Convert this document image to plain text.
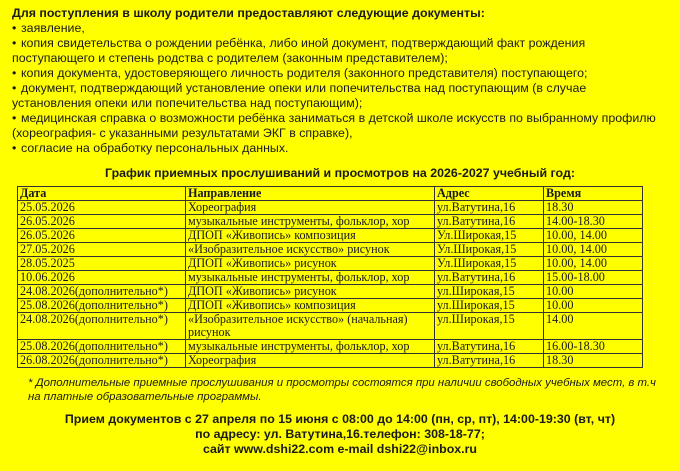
Для поступления в школу родители предоставляют следующие документы:

• заявление,
• копия свидетельства о рождении ребёнка, либо иной документ, подтверждающий факт рождения поступающего и степень родства с родителем (законным представителем);
• копия документа, удостоверяющего личность родителя (законного представителя) поступающего;
• документ, подтверждающий установление опеки или попечительства над поступающим (в случае установления опеки или попечительства над поступающим);
• медицинская справка о возможности ребёнка заниматься в детской школе искусств по выбранному профилю (хореография- с указанными результатами ЭКГ в справке),
• согласие на обработку персональных данных.
График приемных прослушиваний и просмотров на 2026-2027 учебный год:
Дата	Направление	Адрес	Время
25.05.2026	Хореография	ул.Ватутина,16	18.30
26.05.2026	музыкальные инструменты, фольклор, хор	ул.Ватутина,16	14.00-18.30
26.05.2026	ДПОП «Живопись» композиция	Ул.Широкая,15	10.00, 14.00
27.05.2026	«Изобразительное искусство» рисунок	Ул.Широкая,15	10.00, 14.00
28.05.2025	ДПОП «Живопись» рисунок	Ул.Широкая,15	10.00, 14.00
10.06.2026	музыкальные инструменты, фольклор, хор	ул.Ватутина,16	15.00-18.00
24.08.2026(дополнительно*)	ДПОП «Живопись» рисунок	ул.Широкая,15	10.00
25.08.2026(дополнительно*)	ДПОП «Живопись» композиция	ул.Широкая,15	10.00
24.08.2026(дополнительно*)	«Изобразительное искусство» (начальная) рисунок	ул.Широкая,15	14.00
25.08.2026(дополнительно*)	музыкальные инструменты, фольклор, хор	ул.Ватутина,16	16.00-18.30
26.08.2026(дополнительно*)	Хореография	ул.Ватутина,16	18.30
* Дополнительные приемные прослушивания и просмотры состоятся при наличии свободных учебных мест, в т.ч на платные образовательные программы.
Прием документов с 27 апреля по 15 июня с 08:00 до 14:00 (пн, ср, пт), 14:00-19:30 (вт, чт)
по адресу: ул. Ватутина,16.телефон: 308-18-77;
сайт www.dshi22.com e-mail dshi22@inbox.ru
